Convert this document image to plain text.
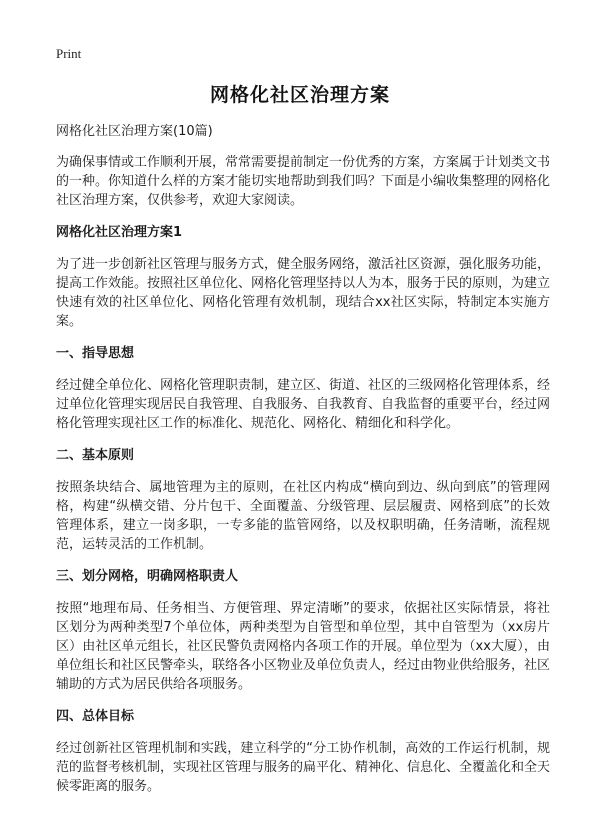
Print
网格化社区治理方案

网格化社区治理方案(10篇)

为确保事情或工作顺利开展，常常需要提前制定一份优秀的方案，方案属于计划类文书的一种。你知道什么样的方案才能切实地帮助到我们吗？下面是小编收集整理的网格化社区治理方案，仅供参考，欢迎大家阅读。

网格化社区治理方案1

为了进一步创新社区管理与服务方式，健全服务网络，激活社区资源，强化服务功能，提高工作效能。按照社区单位化、网格化管理坚持以人为本，服务于民的原则，为建立快速有效的社区单位化、网格化管理有效机制，现结合xx社区实际，特制定本实施方案。

一、指导思想

经过健全单位化、网格化管理职责制，建立区、街道、社区的三级网格化管理体系，经过单位化管理实现居民自我管理、自我服务、自我教育、自我监督的重要平台，经过网格化管理实现社区工作的标准化、规范化、网格化、精细化和科学化。

二、基本原则

按照条块结合、属地管理为主的原则，在社区内构成“横向到边、纵向到底”的管理网格，构建“纵横交错、分片包干、全面覆盖、分级管理、层层履责、网格到底”的长效管理体系，建立一岗多职，一专多能的监管网络，以及权职明确，任务清晰，流程规范，运转灵活的工作机制。

三、划分网格，明确网格职责人

按照“地理布局、任务相当、方便管理、界定清晰”的要求，依据社区实际情景，将社区划分为两种类型7个单位体，两种类型为自管型和单位型，其中自管型为（xx房片区）由社区单元组长，社区民警负责网格内各项工作的开展。单位型为（xx大厦），由单位组长和社区民警牵头，联络各小区物业及单位负责人，经过由物业供给服务，社区辅助的方式为居民供给各项服务。

四、总体目标

经过创新社区管理机制和实践，建立科学的“分工协作机制，高效的工作运行机制，规范的监督考核机制，实现社区管理与服务的扁平化、精神化、信息化、全覆盖化和全天候零距离的服务。
